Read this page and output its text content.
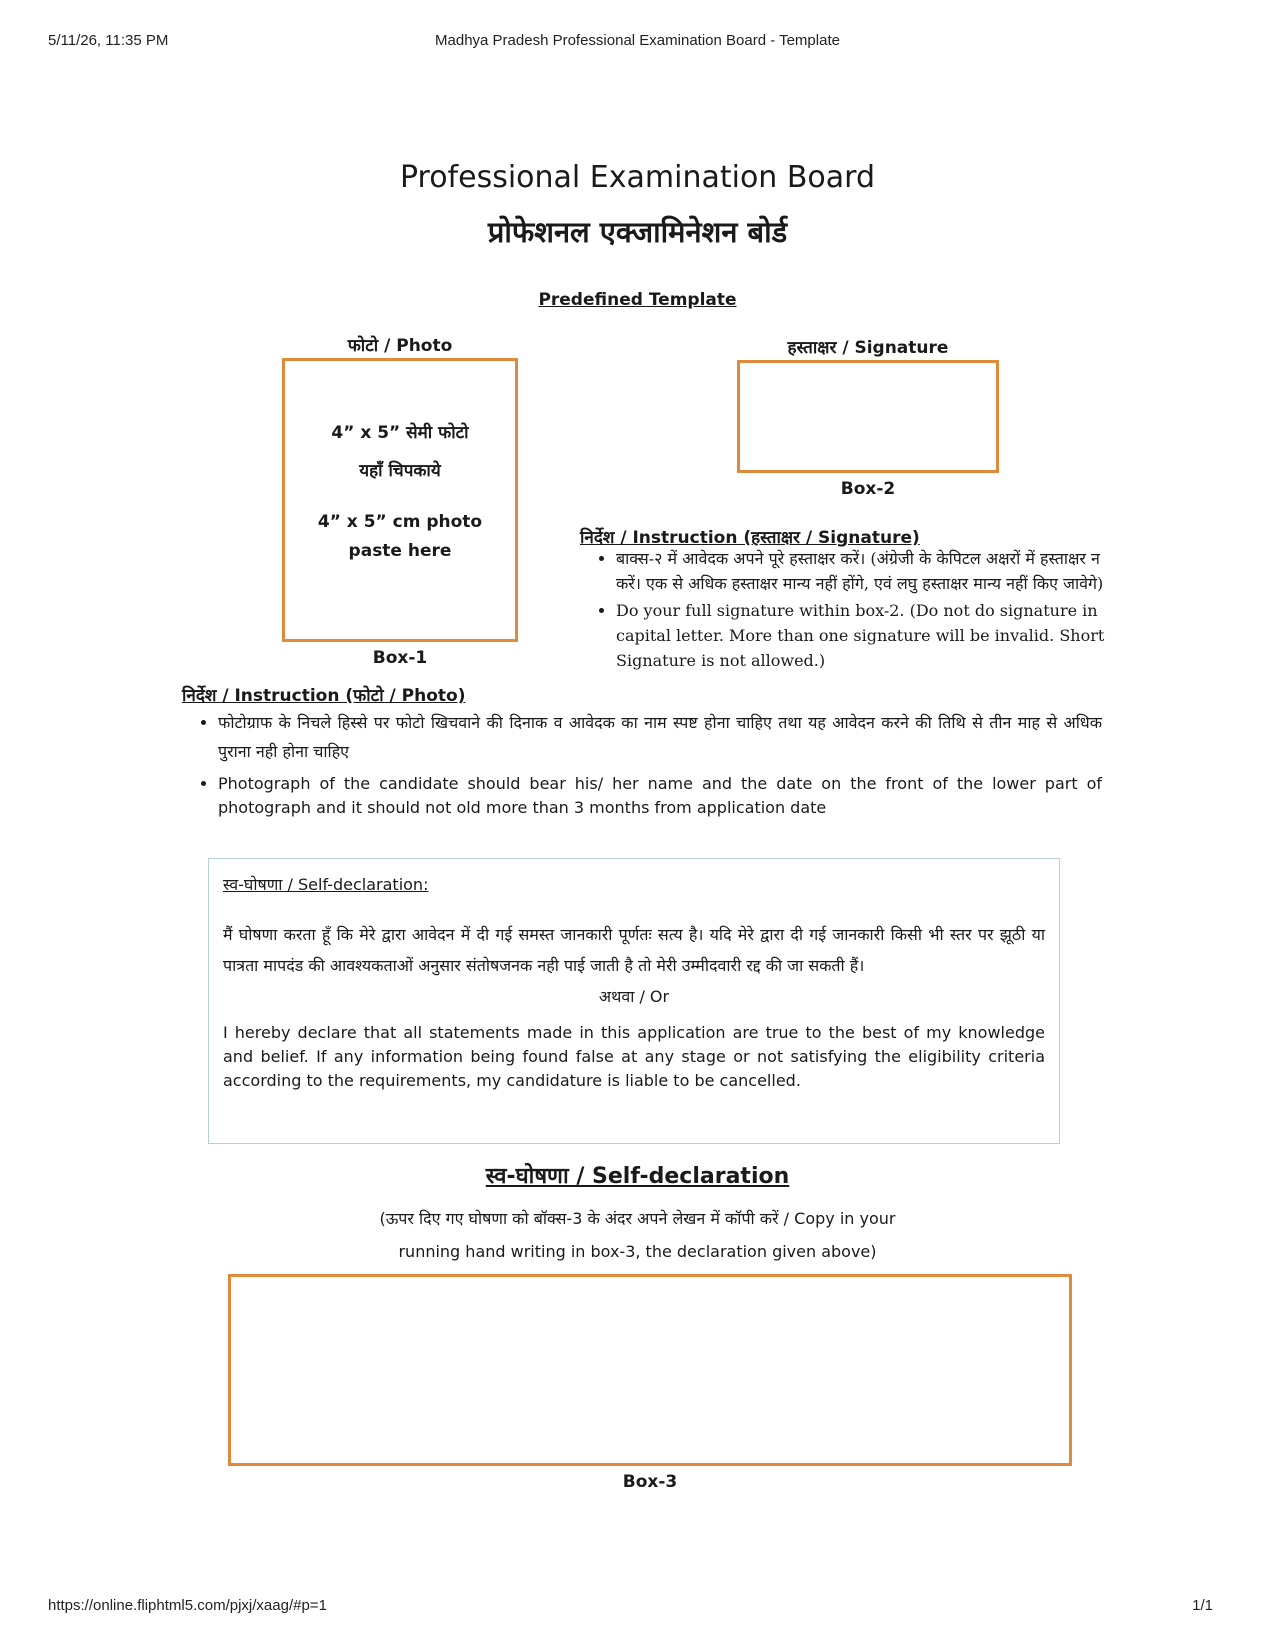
5/11/26, 11:35 PM	Madhya Pradesh Professional Examination Board - Template
Professional Examination Board
प्रोफेशनल एक्जामिनेशन बोर्ड
Predefined Template
फोटो / Photo
4” x 5” सेमी फोटो
यहाँ चिपकाये
4” x 5” cm photo
paste here
Box-1
हस्ताक्षर / Signature
Box-2
निर्देश / Instruction (हस्ताक्षर / Signature)
• बाक्स-२ में आवेदक अपने पूरे हस्ताक्षर करें। (अंग्रेजी के केपिटल अक्षरों में हस्ताक्षर न करें। एक से अधिक हस्ताक्षर मान्य नहीं होंगे, एवं लघु हस्ताक्षर मान्य नहीं किए जावेगे)
• Do your full signature within box-2. (Do not do signature in capital letter. More than one signature will be invalid. Short Signature is not allowed.)
निर्देश / Instruction (फोटो / Photo)
• फोटोग्राफ के निचले हिस्से पर फोटो खिचवाने की दिनाक व आवेदक का नाम स्पष्ट होना चाहिए तथा यह आवेदन करने की तिथि से तीन माह से अधिक पुराना नही होना चाहिए
• Photograph of the candidate should bear his/ her name and the date on the front of the lower part of photograph and it should not old more than 3 months from application date
स्व-घोषणा / Self-declaration:
मैं घोषणा करता हूँ कि मेरे द्वारा आवेदन में दी गई समस्त जानकारी पूर्णतः सत्य है। यदि मेरे द्वारा दी गई जानकारी किसी भी स्तर पर झूठी या पात्रता मापदंड की आवश्यकताओं अनुसार संतोषजनक नही पाई जाती है तो मेरी उम्मीदवारी रद्द की जा सकती हैं।
अथवा / Or
I hereby declare that all statements made in this application are true to the best of my knowledge and belief. If any information being found false at any stage or not satisfying the eligibility criteria according to the requirements, my candidature is liable to be cancelled.
स्व-घोषणा / Self-declaration
(ऊपर दिए गए घोषणा को बॉक्स-3 के अंदर अपने लेखन में कॉपी करें / Copy in your
running hand writing in box-3, the declaration given above)
Box-3
https://online.fliphtml5.com/pjxj/xaag/#p=1	1/1
